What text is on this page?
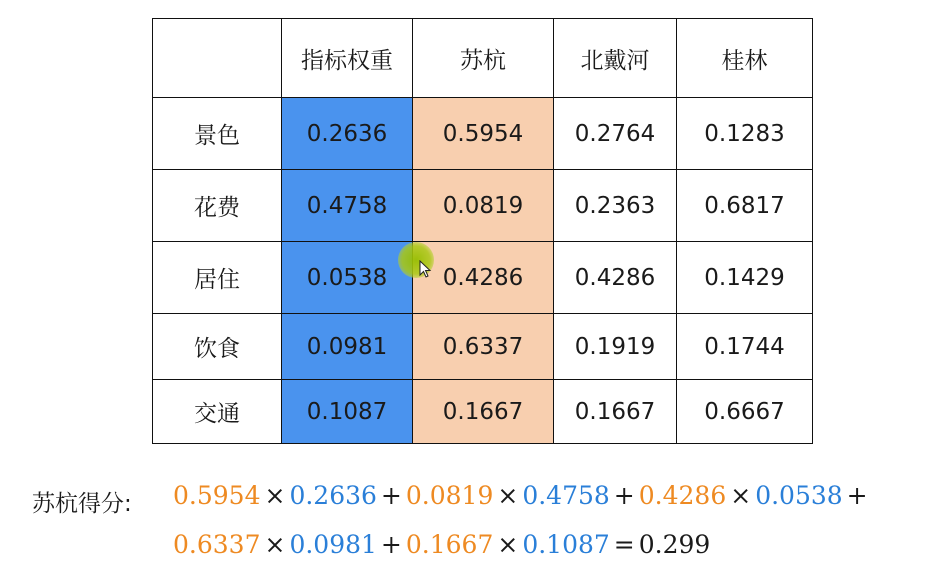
	指标权重	苏杭	北戴河	桂林
景色	0.2636	0.5954	0.2764	0.1283
花费	0.4758	0.0819	0.2363	0.6817
居住	0.0538	0.4286	0.4286	0.1429
饮食	0.0981	0.6337	0.1919	0.1744
交通	0.1087	0.1667	0.1667	0.6667
苏杭得分: 0.5954 × 0.2636 + 0.0819 × 0.4758 + 0.4286 × 0.0538 +
0.6337 × 0.0981 + 0.1667 × 0.1087 = 0.299
